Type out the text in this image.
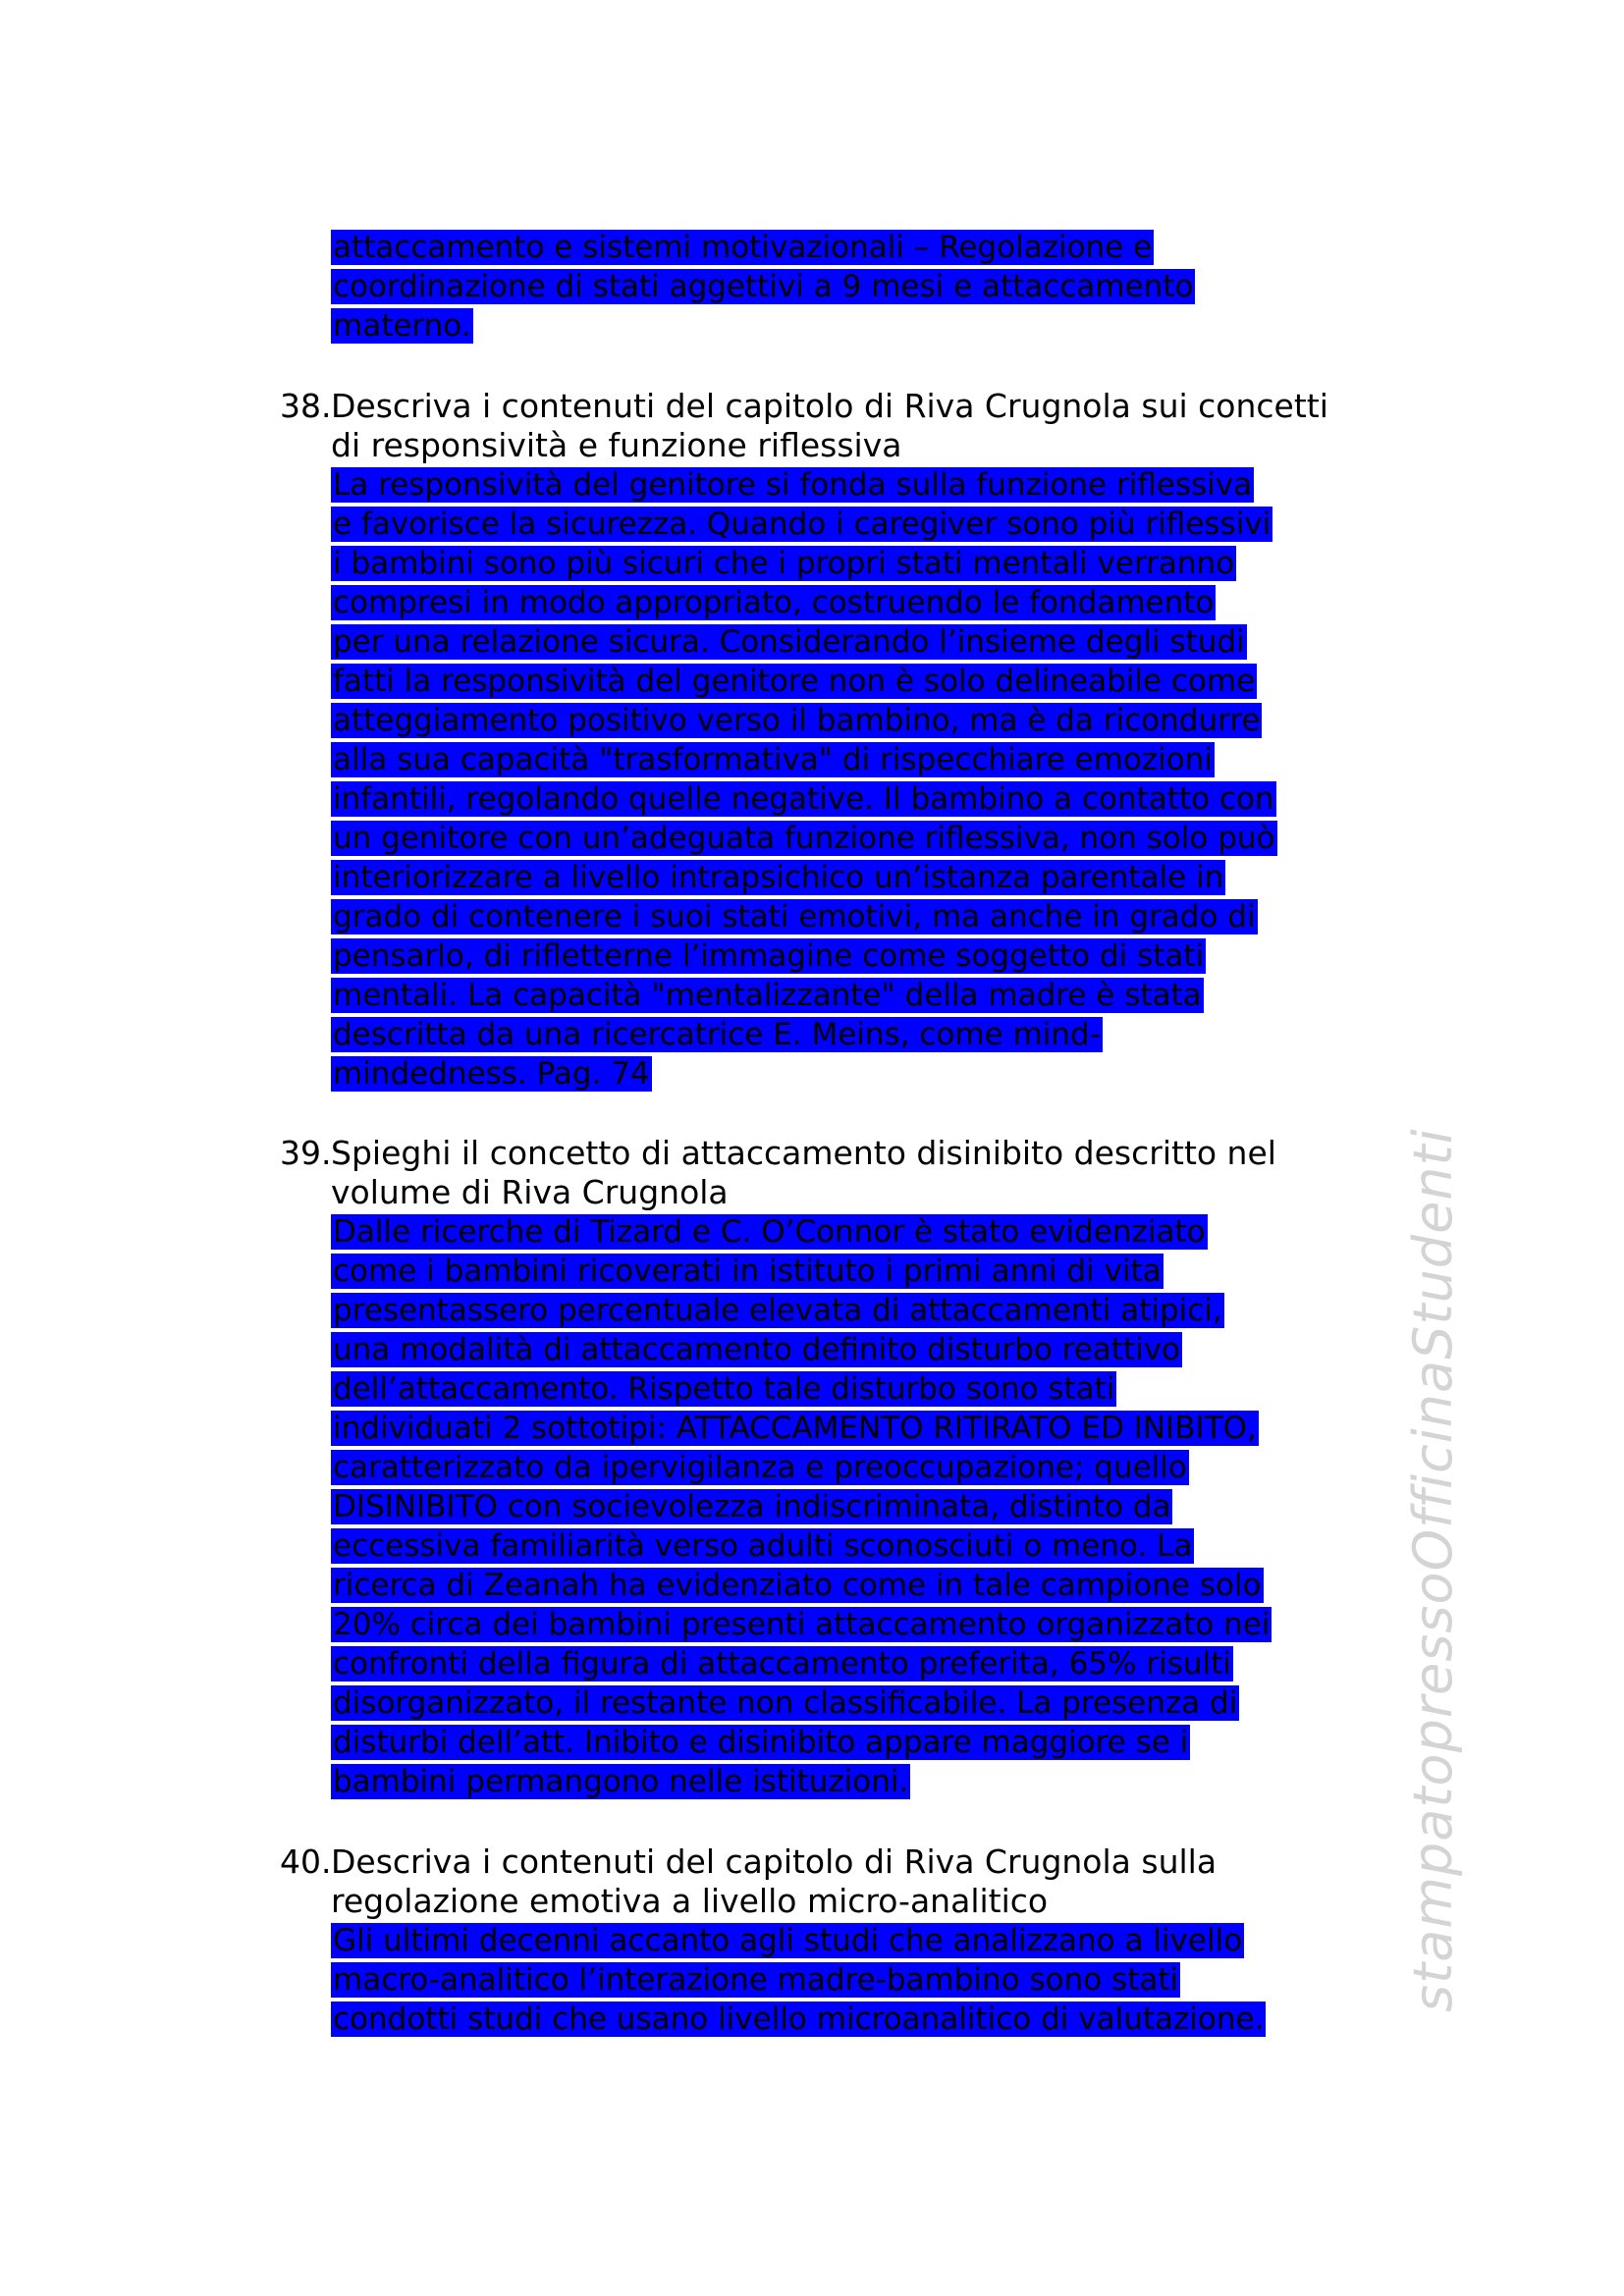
attaccamento e sistemi motivazionali – Regolazione e
coordinazione di stati aggettivi a 9 mesi e attaccamento
materno.
38. Descriva i contenuti del capitolo di Riva Crugnola sui concetti
di responsività e funzione riflessiva
La responsività del genitore si fonda sulla funzione riflessiva
e favorisce la sicurezza. Quando i caregiver sono più riflessivi
i bambini sono più sicuri che i propri stati mentali verranno
compresi in modo appropriato, costruendo le fondamento
per una relazione sicura. Considerando l’insieme degli studi
fatti la responsività del genitore non è solo delineabile come
atteggiamento positivo verso il bambino, ma è da ricondurre
alla sua capacità "trasformativa" di rispecchiare emozioni
infantili, regolando quelle negative. Il bambino a contatto con
un genitore con un’adeguata funzione riflessiva, non solo può
interiorizzare a livello intrapsichico un’istanza parentale in
grado di contenere i suoi stati emotivi, ma anche in grado di
pensarlo, di rifletterne l’immagine come soggetto di stati
mentali. La capacità "mentalizzante" della madre è stata
descritta da una ricercatrice E. Meins, come mind-
mindedness. Pag. 74
39. Spieghi il concetto di attaccamento disinibito descritto nel
volume di Riva Crugnola
Dalle ricerche di Tizard e C. O’Connor è stato evidenziato
come i bambini ricoverati in istituto i primi anni di vita
presentassero percentuale elevata di attaccamenti atipici,
una modalità di attaccamento definito disturbo reattivo
dell’attaccamento. Rispetto tale disturbo sono stati
individuati 2 sottotipi: ATTACCAMENTO RITIRATO ED INIBITO,
caratterizzato da ipervigilanza e preoccupazione; quello
DISINIBITO con socievolezza indiscriminata, distinto da
eccessiva familiarità verso adulti sconosciuti o meno. La
ricerca di Zeanah ha evidenziato come in tale campione solo
20% circa dei bambini presenti attaccamento organizzato nei
confronti della figura di attaccamento preferita, 65% risulti
disorganizzato, il restante non classificabile. La presenza di
disturbi dell’att. Inibito e disinibito appare maggiore se i
bambini permangono nelle istituzioni.
40. Descriva i contenuti del capitolo di Riva Crugnola sulla
regolazione emotiva a livello micro-analitico
Gli ultimi decenni accanto agli studi che analizzano a livello
macro-analitico l’interazione madre-bambino sono stati
condotti studi che usano livello microanalitico di valutazione.
stampatopressoOfficinaStudenti
